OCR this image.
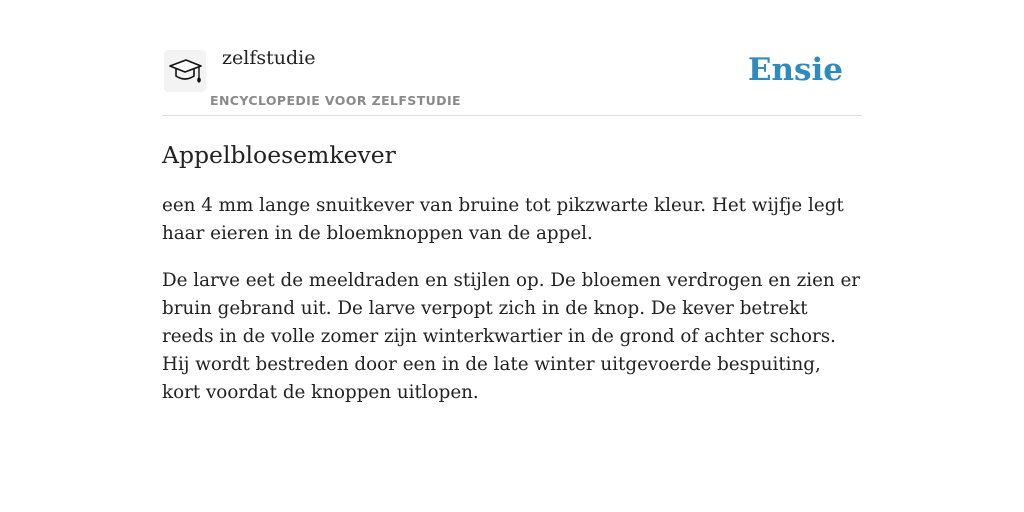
zelfstudie
ENCYCLOPEDIE VOOR ZELFSTUDIE
Ensie
Appelbloesemkever

een 4 mm lange snuitkever van bruine tot pikzwarte kleur. Het wijfje legt haar eieren in de bloemknoppen van de appel.

De larve eet de meeldraden en stijlen op. De bloemen verdrogen en zien er bruin gebrand uit. De larve verpopt zich in de knop. De kever betrekt reeds in de volle zomer zijn winterkwartier in de grond of achter schors. Hij wordt bestreden door een in de late winter uitgevoerde bespuiting, kort voordat de knoppen uitlopen.
